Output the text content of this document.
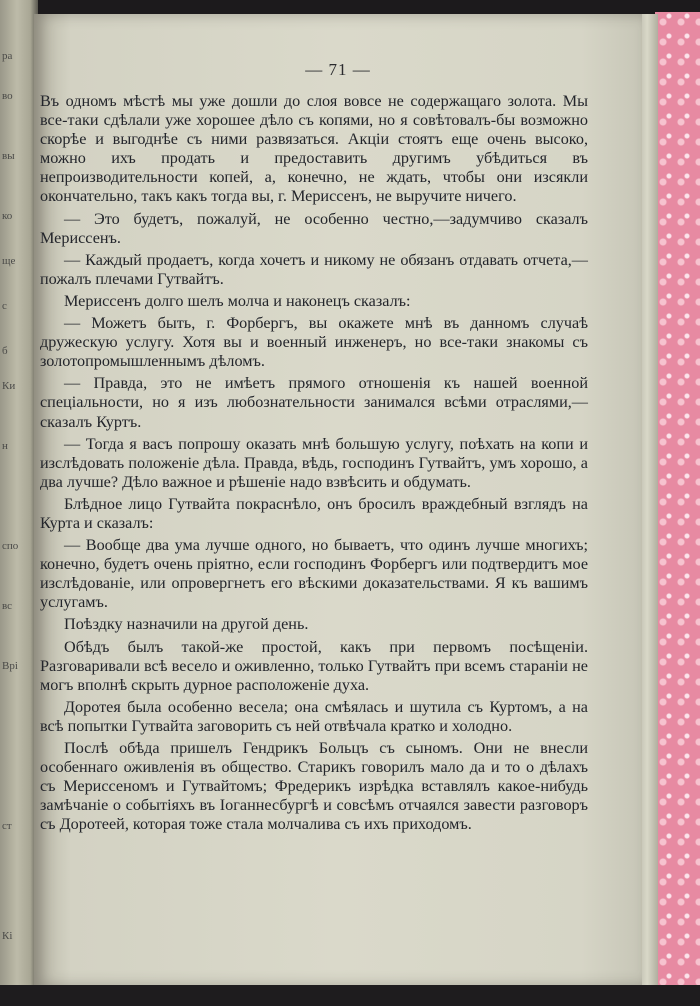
ра
во
вы
ко
ще
с
б
Ки
н
спо
вс
Врі
ст
Кі
— 71 —

Въ одномъ мѣстѣ мы уже дошли до слоя вовсе не содержащаго золота. Мы все-таки сдѣлали уже хорошее дѣло съ копями, но я совѣтовалъ-бы возможно скорѣе и выгоднѣе съ ними развязаться. Акціи стоятъ еще очень высоко, можно ихъ продать и предоставить другимъ убѣдиться въ непроизводительности копей, а, конечно, не ждать, чтобы они изсякли окончательно, такъ какъ тогда вы, г. Мериссенъ, не выручите ничего.

— Это будетъ, пожалуй, не особенно честно,—задумчиво сказалъ Мериссенъ.

— Каждый продаетъ, когда хочетъ и никому не обязанъ отдавать отчета,—пожалъ плечами Гутвайтъ.

Мериссенъ долго шелъ молча и наконецъ сказалъ:

— Можетъ быть, г. Форбергъ, вы окажете мнѣ въ данномъ случаѣ дружескую услугу. Хотя вы и военный инженеръ, но все-таки знакомы съ золотопромышленнымъ дѣломъ.

— Правда, это не имѣетъ прямого отношенія къ нашей военной спеціальности, но я изъ любознательности занимался всѣми отраслями,—сказалъ Куртъ.

— Тогда я васъ попрошу оказать мнѣ большую услугу, поѣхать на копи и изслѣдовать положеніе дѣла. Правда, вѣдь, господинъ Гутвайтъ, умъ хорошо, а два лучше? Дѣло важное и рѣшеніе надо взвѣсить и обдумать.

Блѣдное лицо Гутвайта покраснѣло, онъ бросилъ враждебный взглядъ на Курта и сказалъ:

— Вообще два ума лучше одного, но бываетъ, что одинъ лучше многихъ; конечно, будетъ очень пріятно, если господинъ Форбергъ или подтвердитъ мое изслѣдованіе, или опровергнетъ его вѣскими доказательствами. Я къ вашимъ услугамъ.

Поѣздку назначили на другой день.

Обѣдъ былъ такой-же простой, какъ при первомъ посѣщеніи. Разговаривали всѣ весело и оживленно, только Гутвайтъ при всемъ стараніи не могъ вполнѣ скрыть дурное расположеніе духа.

Доротея была особенно весела; она смѣялась и шутила съ Куртомъ, а на всѣ попытки Гутвайта заговорить съ ней отвѣчала кратко и холодно.

Послѣ обѣда пришелъ Гендрикъ Больцъ съ сыномъ. Они не внесли особеннаго оживленія въ общество. Старикъ говорилъ мало да и то о дѣлахъ съ Мериссеномъ и Гутвайтомъ; Фредерикъ изрѣдка вставлялъ какое-нибудь замѣчаніе о событіяхъ въ Іоганнесбургѣ и совсѣмъ отчаялся завести разговоръ съ Доротеей, которая тоже стала молчалива съ ихъ приходомъ.
